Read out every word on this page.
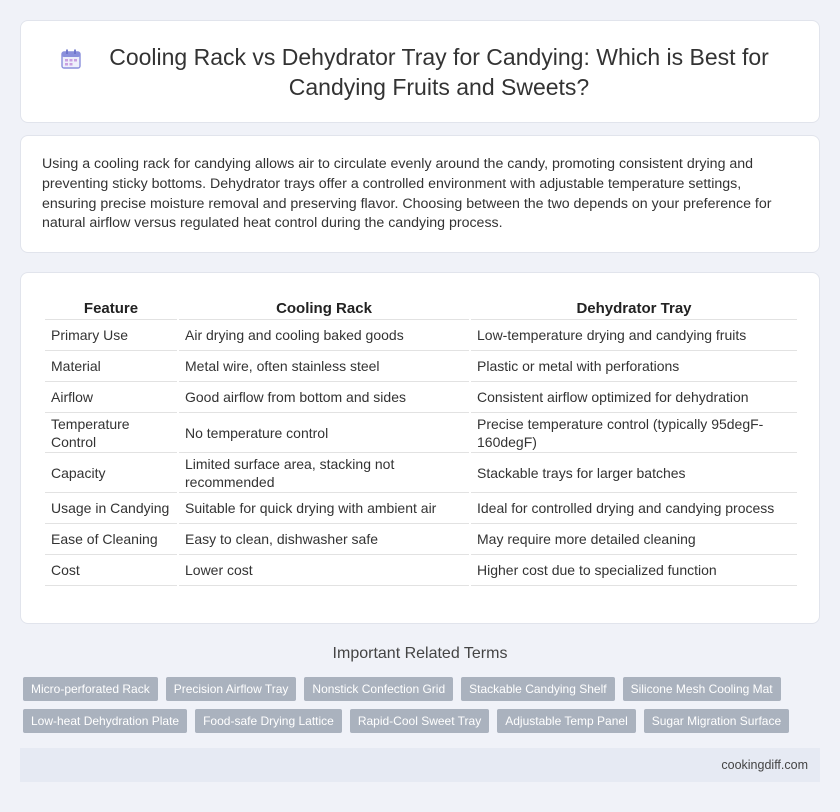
Cooling Rack vs Dehydrator Tray for Candying: Which is Best for Candying Fruits and Sweets?

Using a cooling rack for candying allows air to circulate evenly around the candy, promoting consistent drying and preventing sticky bottoms. Dehydrator trays offer a controlled environment with adjustable temperature settings, ensuring precise moisture removal and preserving flavor. Choosing between the two depends on your preference for natural airflow versus regulated heat control during the candying process.

Feature	Cooling Rack	Dehydrator Tray
Primary Use	Air drying and cooling baked goods	Low-temperature drying and candying fruits
Material	Metal wire, often stainless steel	Plastic or metal with perforations
Airflow	Good airflow from bottom and sides	Consistent airflow optimized for dehydration
Temperature Control	No temperature control	Precise temperature control (typically 95degF-160degF)
Capacity	Limited surface area, stacking not recommended	Stackable trays for larger batches
Usage in Candying	Suitable for quick drying with ambient air	Ideal for controlled drying and candying process
Ease of Cleaning	Easy to clean, dishwasher safe	May require more detailed cleaning
Cost	Lower cost	Higher cost due to specialized function
Important Related Terms
Micro-perforated Rack	Precision Airflow Tray	Nonstick Confection Grid	Stackable Candying Shelf	Silicone Mesh Cooling Mat
Low-heat Dehydration Plate	Food-safe Drying Lattice	Rapid-Cool Sweet Tray	Adjustable Temp Panel	Sugar Migration Surface
cookingdiff.com
